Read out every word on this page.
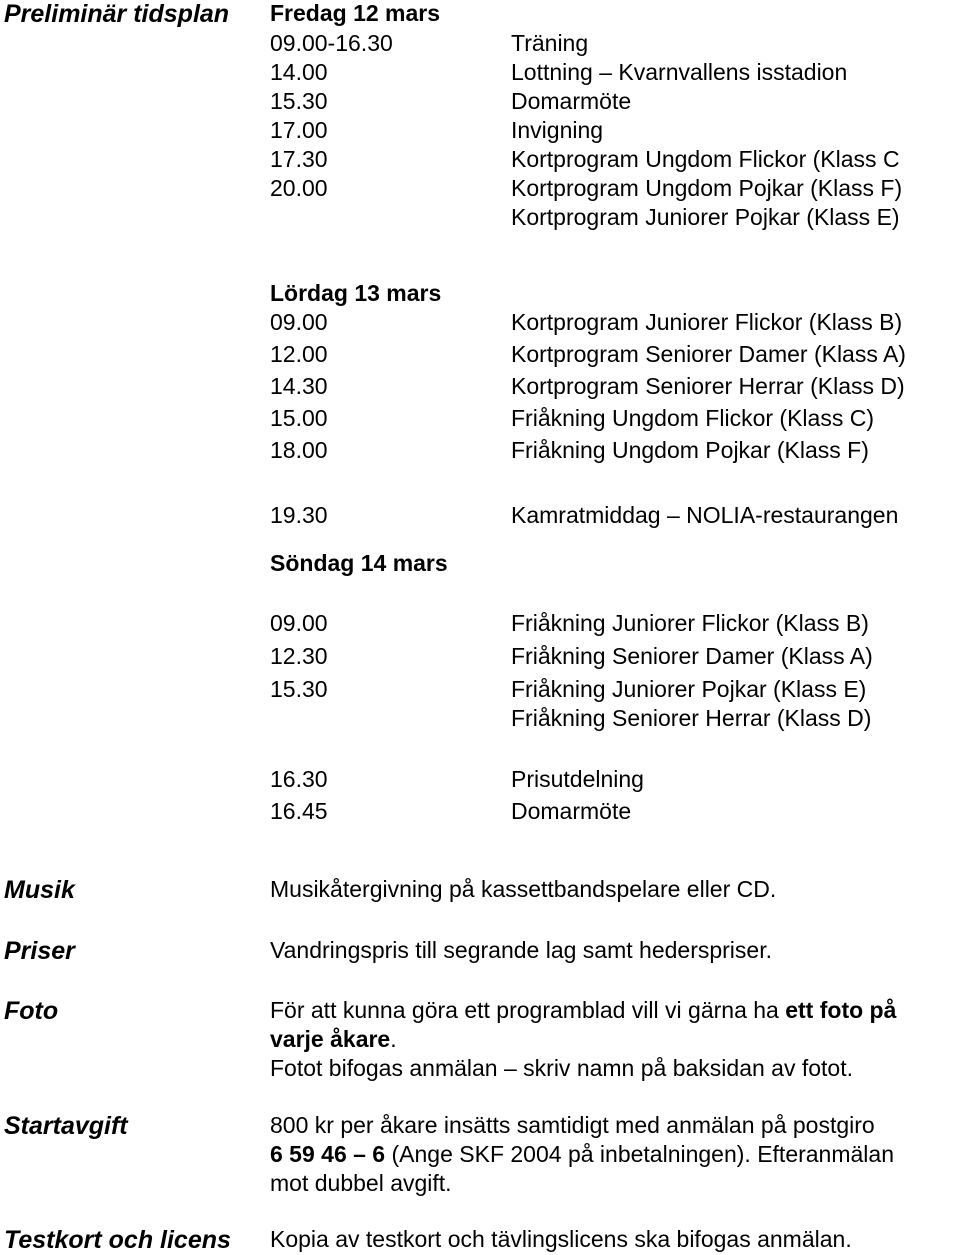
Preliminär tidsplan Fredag 12 mars
09.00-16.30	Träning
14.00	Lottning – Kvarnvallens isstadion
15.30	Domarmöte
17.00	Invigning
17.30	Kortprogram Ungdom Flickor (Klass C
20.00	Kortprogram Ungdom Pojkar (Klass F)
Kortprogram Juniorer Pojkar (Klass E)
Lördag 13 mars
09.00	Kortprogram Juniorer Flickor (Klass B)
12.00	Kortprogram Seniorer Damer (Klass A)
14.30	Kortprogram Seniorer Herrar (Klass D)
15.00	Friåkning Ungdom Flickor (Klass C)
18.00	Friåkning Ungdom Pojkar (Klass F)
19.30	Kamratmiddag – NOLIA-restaurangen
Söndag 14 mars
09.00	Friåkning Juniorer Flickor (Klass B)
12.30	Friåkning Seniorer Damer (Klass A)
15.30	Friåkning Juniorer Pojkar (Klass E)
Friåkning Seniorer Herrar (Klass D)
16.30	Prisutdelning
16.45	Domarmöte
Musik	Musikåtergivning på kassettbandspelare eller CD.
Priser	Vandringspris till segrande lag samt hederspriser.
Foto	För att kunna göra ett programblad vill vi gärna ha ett foto på
varje åkare.
Fotot bifogas anmälan – skriv namn på baksidan av fotot.
Startavgift	800 kr per åkare insätts samtidigt med anmälan på postgiro
6 59 46 – 6 (Ange SKF 2004 på inbetalningen). Efteranmälan
mot dubbel avgift.
Testkort och licens Kopia av testkort och tävlingslicens ska bifogas anmälan.
